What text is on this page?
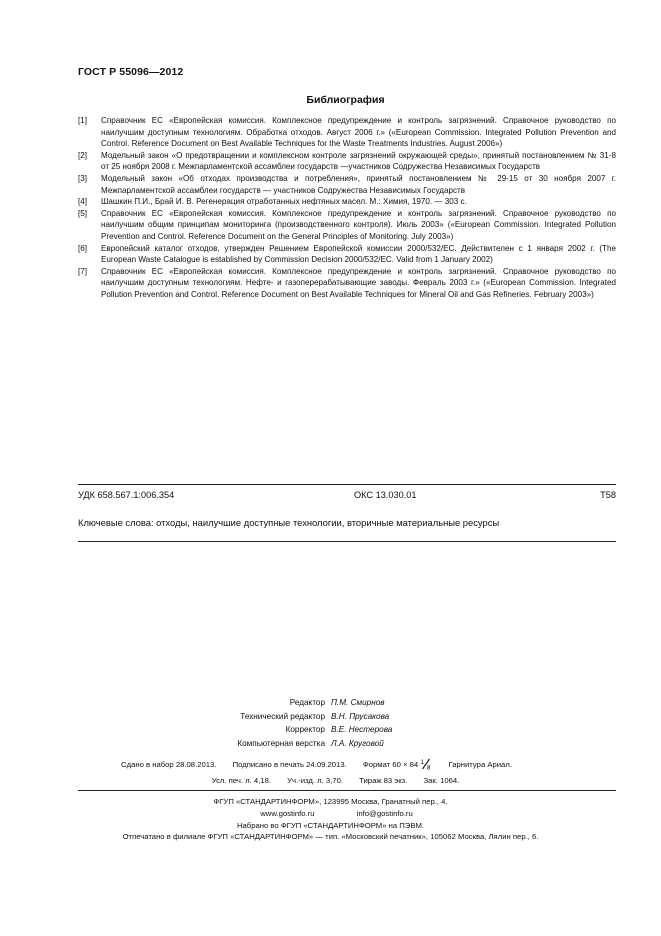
ГОСТ Р 55096—2012
Библиография
[1]	Справочник ЕС «Европейская комиссия. Комплексное предупреждение и контроль загрязнений. Справочное руководство по наилучшим доступным технологиям. Обработка отходов. Август 2006 г.» («European Commission. Integrated Pollution Prevention and Control. Reference Document on Best Available Techniques for the Waste Treatments Industries. August 2006»)
[2]	Модельный закон «О предотвращении и комплексном контроле загрязнений окружающей среды», принятый постановлением № 31-8 от 25 ноября 2008 г. Межпарламентской ассамблеи государств —участников Содружества Независимых Государств
[3]	Модельный закон «Об отходах производства и потребления», принятый постановлением № 29-15 от 30 ноября 2007 г. Межпарламентской ассамблеи государств — участников Содружества Независимых Государств
[4]	Шашкин П.И., Брай И. В. Регенерация отработанных нефтяных масел. М.: Химия, 1970. — 303 с.
[5]	Справочник ЕС «Европейская комиссия. Комплексное предупреждение и контроль загрязнений. Справочное руководство по наилучшим общим принципам мониторинга (производственного контроля). Июль 2003» («European Commission. Integrated Pollution Prevention and Control. Reference Document on the General Principles of Monitoring. July 2003»)
[6]	Европейский каталог отходов, утвержден Решением Европейской комиссии 2000/532/ЕС. Действителен с 1 января 2002 г. (The European Waste Catalogue is established by Commission Decision 2000/532/EC. Valid from 1 January 2002)
[7]	Справочник ЕС «Европейская комиссия. Комплексное предупреждение и контроль загрязнений. Справочное руководство по наилучшим доступным технологиям. Нефте- и газоперерабатывающие заводы. Февраль 2003 г.» («European Commission. Integrated Pollution Prevention and Control. Reference Document on Best Available Techniques for Mineral Oil and Gas Refineries. February 2003»)
УДК 658.567.1:006.354	ОКС 13.030.01	Т58
Ключевые слова: отходы, наилучшие доступные технологии, вторичные материальные ресурсы
Редактор П.М. Смирнов
Технический редактор В.Н. Прусакова
Корректор В.Е. Нестерова
Компьютерная верстка Л.А. Круговой
Сдано в набор 28.08.2013. Подписано в печать 24.09.2013. Формат 60 × 84 1
8 Гарнитура Ариал.
Усл. печ. л. 4,18. Уч.-изд. л. 3,70. Тираж 83 экз. Зак. 1064.
ФГУП «СТАНДАРТИНФОРМ», 123995 Москва, Гранатный пер., 4.
www.gostinfo.ru	info@gostinfo.ru
Набрано во ФГУП «СТАНДАРТИНФОРМ» на ПЭВМ.
Отпечатано в филиале ФГУП «СТАНДАРТИНФОРМ» — тип. «Московский печатник», 105062 Москва, Лялин пер., 6.
